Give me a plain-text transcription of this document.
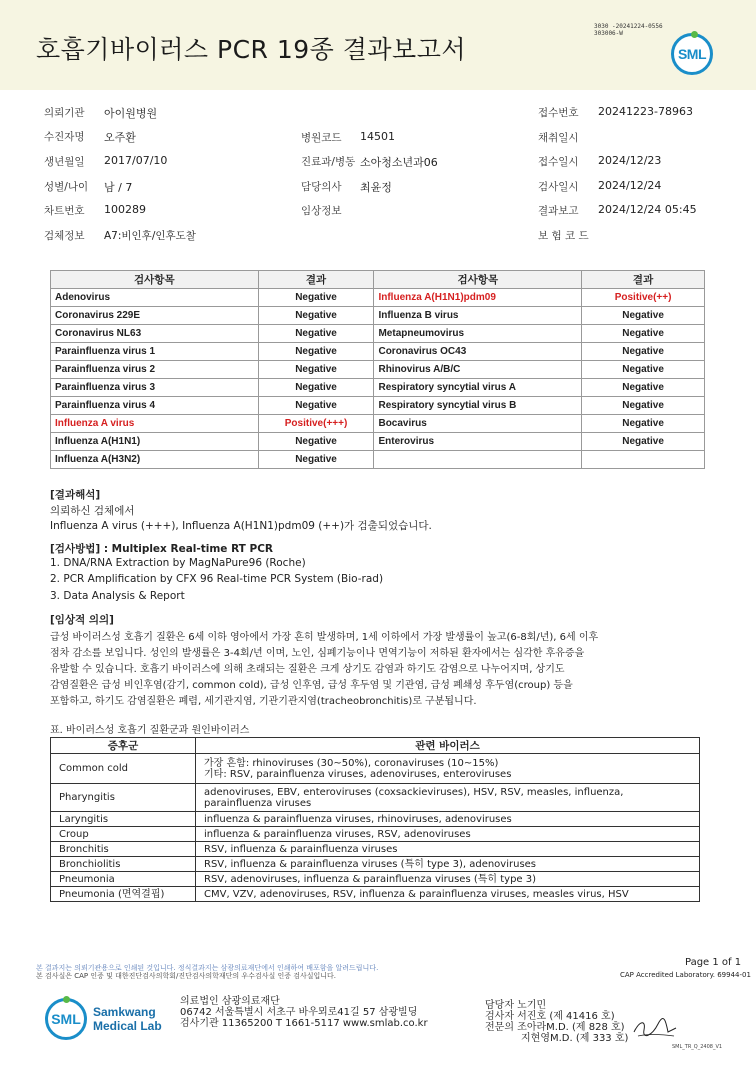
호흡기바이러스 PCR 19종 결과보고서
3030 -20241224-0556
303006-W
SML
의뢰기관 아이원병원	접수번호 20241223-78963
수진자명 오주환	병원코드 14501	채취일시
생년월일 2017/07/10	진료과/병동 소아청소년과06	접수일시 2024/12/23
성별/나이 남 / 7	담당의사 최윤정	검사일시 2024/12/24
차트번호 100289	임상정보	결과보고 2024/12/24 05:45
검체정보 A7:비인후/인후도찰	보 험 코 드
검사항목	결과	검사항목	결과
Adenovirus	Negative	Influenza A(H1N1)pdm09	Positive(++)
Coronavirus 229E	Negative	Influenza B virus	Negative
Coronavirus NL63	Negative	Metapneumovirus	Negative
Parainfluenza virus 1	Negative	Coronavirus OC43	Negative
Parainfluenza virus 2	Negative	Rhinovirus A/B/C	Negative
Parainfluenza virus 3	Negative	Respiratory syncytial virus A	Negative
Parainfluenza virus 4	Negative	Respiratory syncytial virus B	Negative
Influenza A virus	Positive(+++)	Bocavirus	Negative
Influenza A(H1N1)	Negative	Enterovirus	Negative
Influenza A(H3N2)	Negative		
[결과해석]
의뢰하신 검체에서
Influenza A virus (+++), Influenza A(H1N1)pdm09 (++)가 검출되었습니다.
[검사방법] : Multiplex Real-time RT PCR
1. DNA/RNA Extraction by MagNaPure96 (Roche)
2. PCR Amplification by CFX 96 Real-time PCR System (Bio-rad)
3. Data Analysis & Report
[임상적 의의]
급성 바이러스성 호흡기 질환은 6세 이하 영아에서 가장 흔히 발생하며, 1세 이하에서 가장 발생률이 높고(6-8회/년), 6세 이후
점차 감소를 보입니다. 성인의 발생률은 3-4회/년 이며, 노인, 심폐기능이나 면역기능이 저하된 환자에서는 심각한 후유증을
유발할 수 있습니다. 호흡기 바이러스에 의해 초래되는 질환은 크게 상기도 감염과 하기도 감염으로 나누어지며, 상기도
감염질환은 급성 비인후염(감기, common cold), 급성 인후염, 급성 후두염 및 기관염, 급성 폐쇄성 후두염(croup) 등을
포함하고, 하기도 감염질환은 폐렴, 세기관지염, 기관기관지염(tracheobronchitis)로 구분됩니다.
표. 바이러스성 호흡기 질환군과 원인바이러스
증후군	관련 바이러스
Common cold	가장 흔함: rhinoviruses (30~50%), coronaviruses (10~15%)
기타: RSV, parainfluenza viruses, adenoviruses, enteroviruses

Pharyngitis	adenoviruses, EBV, enteroviruses (coxsackieviruses), HSV, RSV, measles, influenza,
parainfluenza viruses

Laryngitis	influenza & parainfluenza viruses, rhinoviruses, adenoviruses
Croup	influenza & parainfluenza viruses, RSV, adenoviruses
Bronchitis	RSV, influenza & parainfluenza viruses
Bronchiolitis	RSV, influenza & parainfluenza viruses (특히 type 3), adenoviruses
Pneumonia	RSV, adenoviruses, influenza & parainfluenza viruses (특히 type 3)
Pneumonia (면역결핍)	CMV, VZV, adenoviruses, RSV, influenza & parainfluenza viruses, measles virus, HSV
본 결과지는 의뢰기관용으로 인쇄된 것입니다. 정식결과지는 삼광의료재단에서 인쇄하여 배포함을 알려드립니다.
본 검사실은 CAP 인증 및 대한진단검사의학회/진단검사의학재단의 우수검사실 인증 검사실입니다.
Page 1 of 1
CAP Accredited Laboratory. 69944-01
SML Samkwang
Medical Lab
의료법인 삼광의료재단
06742 서울특별시 서초구 바우뫼로41길 57 삼광빌딩
검사기관 11365200 T 1661-5117 www.smlab.co.kr
담당자 노기민
검사자 서진호 (제 41416 호)
전문의 조아라M.D. (제 828 호)
지현영M.D. (제 333 호)
SML_TR_Q_2408_V1
